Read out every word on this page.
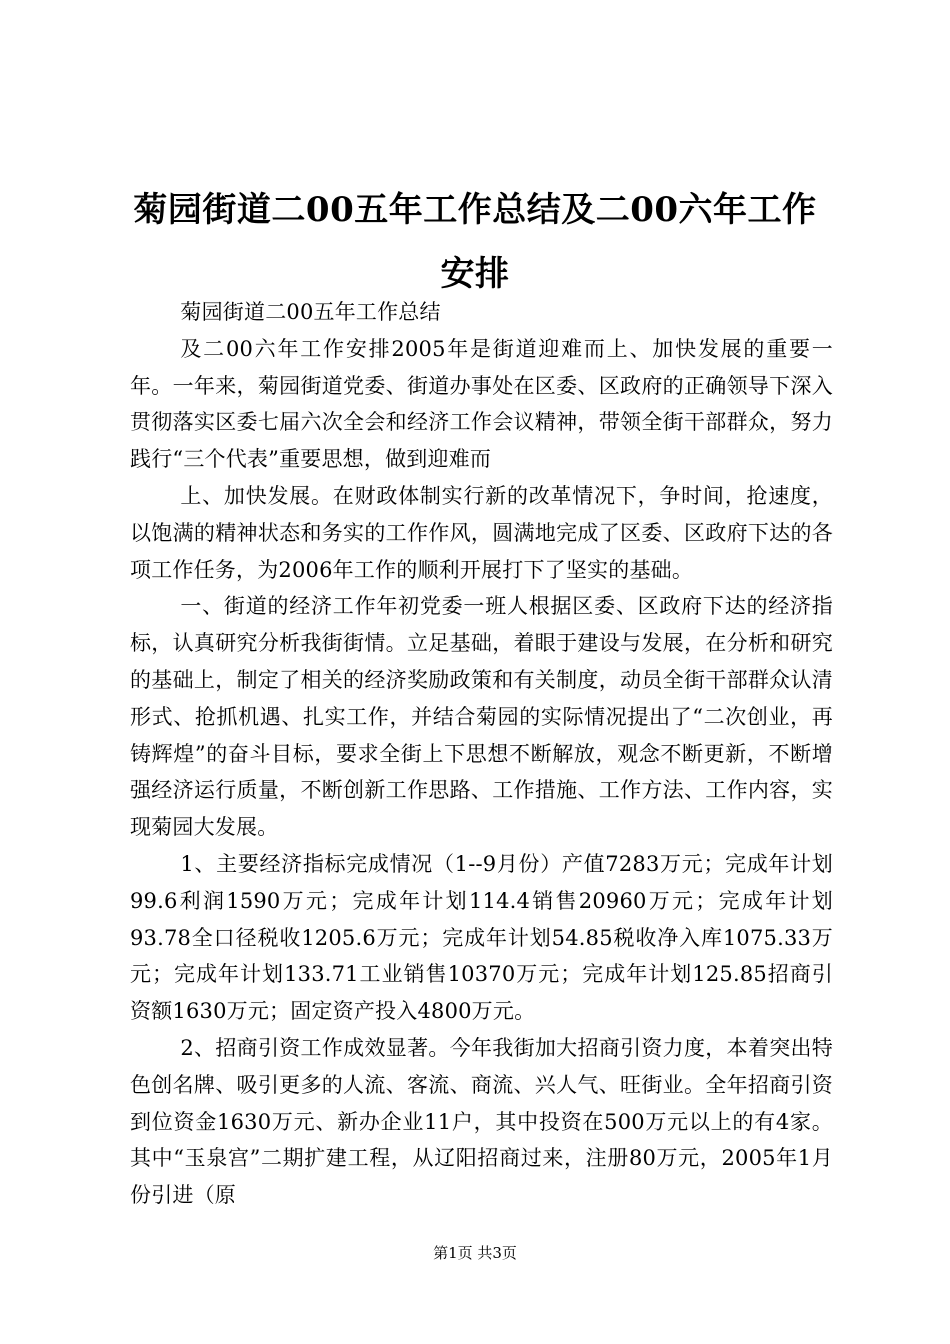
菊园街道二00五年工作总结及二00六年工作安排

菊园街道二00五年工作总结

及二00六年工作安排2005年是街道迎难而上、加快发展的重要一年。一年来，菊园街道党委、街道办事处在区委、区政府的正确领导下深入贯彻落实区委七届六次全会和经济工作会议精神，带领全街干部群众，努力践行“三个代表”重要思想，做到迎难而

上、加快发展。在财政体制实行新的改革情况下，争时间，抢速度，以饱满的精神状态和务实的工作作风，圆满地完成了区委、区政府下达的各项工作任务，为2006年工作的顺利开展打下了坚实的基础。

一、街道的经济工作年初党委一班人根据区委、区政府下达的经济指标，认真研究分析我街街情。立足基础，着眼于建设与发展，在分析和研究的基础上，制定了相关的经济奖励政策和有关制度，动员全街干部群众认清形式、抢抓机遇、扎实工作，并结合菊园的实际情况提出了“二次创业，再铸辉煌”的奋斗目标，要求全街上下思想不断解放，观念不断更新，不断增强经济运行质量，不断创新工作思路、工作措施、工作方法、工作内容，实现菊园大发展。

1、主要经济指标完成情况（1--9月份）产值7283万元；完成年计划99.6利润1590万元；完成年计划114.4销售20960万元；完成年计划93.78全口径税收1205.6万元；完成年计划54.85税收净入库1075.33万元；完成年计划133.71工业销售10370万元；完成年计划125.85招商引资额1630万元；固定资产投入4800万元。

2、招商引资工作成效显著。今年我街加大招商引资力度，本着突出特色创名牌、吸引更多的人流、客流、商流、兴人气、旺街业。全年招商引资到位资金1630万元、新办企业11户，其中投资在500万元以上的有4家。其中“玉泉宫”二期扩建工程，从辽阳招商过来，注册80万元，2005年1月份引进（原

第1页 共3页
